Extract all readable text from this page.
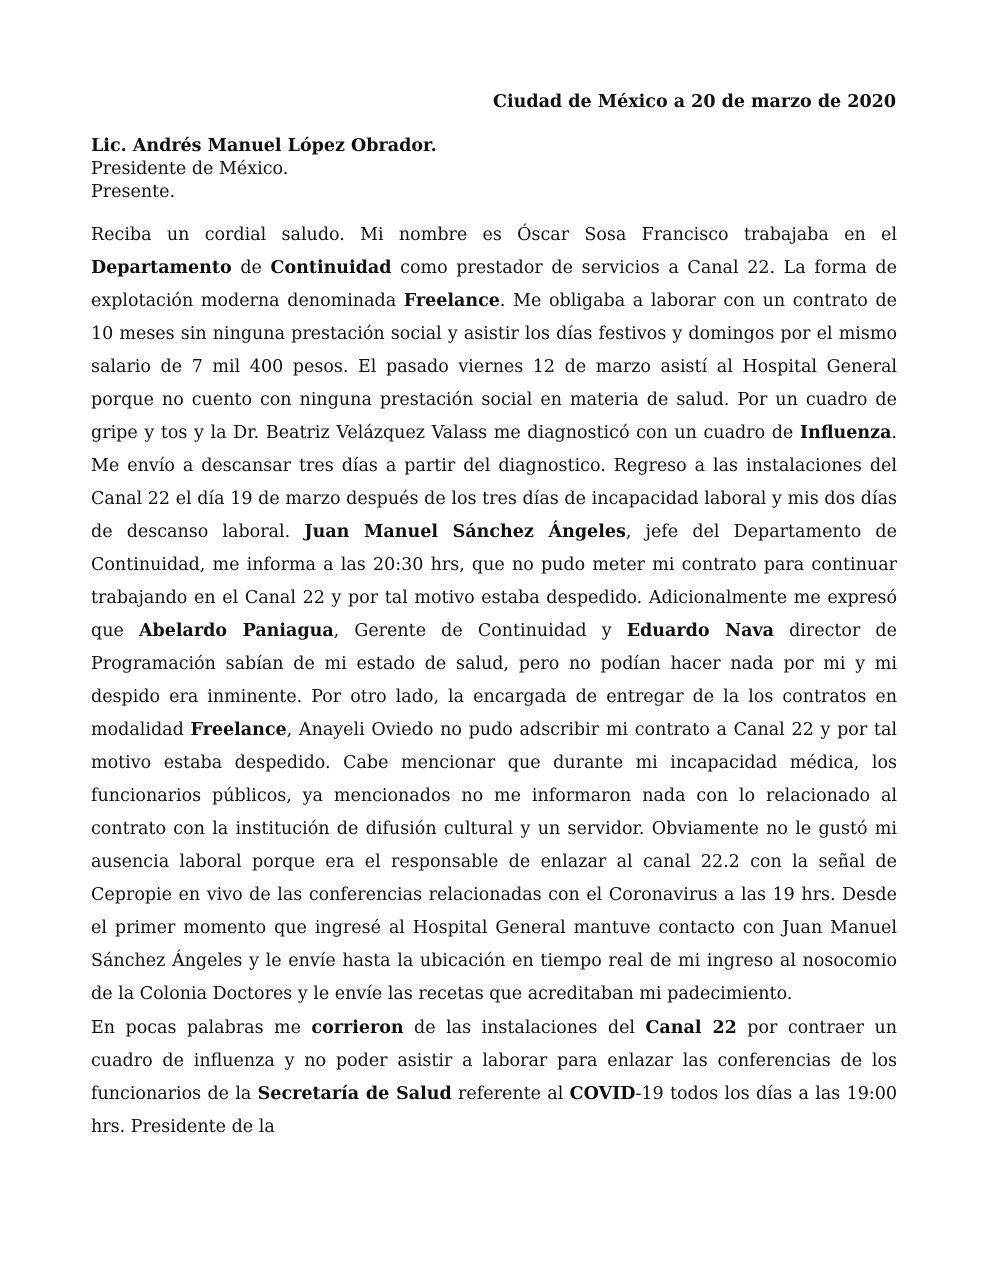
Ciudad de México a 20 de marzo de 2020
Lic. Andrés Manuel López Obrador.
Presidente de México.
Presente.

Reciba un cordial saludo. Mi nombre es Óscar Sosa Francisco trabajaba en el Departamento de Continuidad como prestador de servicios a Canal 22. La forma de explotación moderna denominada Freelance. Me obligaba a laborar con un contrato de 10 meses sin ninguna prestación social y asistir los días festivos y domingos por el mismo salario de 7 mil 400 pesos. El pasado viernes 12 de marzo asistí al Hospital General porque no cuento con ninguna prestación social en materia de salud. Por un cuadro de gripe y tos y la Dr. Beatriz Velázquez Valass me diagnosticó con un cuadro de Influenza. Me envío a descansar tres días a partir del diagnostico. Regreso a las instalaciones del Canal 22 el día 19 de marzo después de los tres días de incapacidad laboral y mis dos días de descanso laboral. Juan Manuel Sánchez Ángeles, jefe del Departamento de Continuidad, me informa a las 20:30 hrs, que no pudo meter mi contrato para continuar trabajando en el Canal 22 y por tal motivo estaba despedido. Adicionalmente me expresó que Abelardo Paniagua, Gerente de Continuidad y Eduardo Nava director de Programación sabían de mi estado de salud, pero no podían hacer nada por mi y mi despido era inminente. Por otro lado, la encargada de entregar de la los contratos en modalidad Freelance, Anayeli Oviedo no pudo adscribir mi contrato a Canal 22 y por tal motivo estaba despedido. Cabe mencionar que durante mi incapacidad médica, los funcionarios públicos, ya mencionados no me informaron nada con lo relacionado al contrato con la institución de difusión cultural y un servidor. Obviamente no le gustó mi ausencia laboral porque era el responsable de enlazar al canal 22.2 con la señal de Cepropie en vivo de las conferencias relacionadas con el Coronavirus a las 19 hrs. Desde el primer momento que ingresé al Hospital General mantuve contacto con Juan Manuel Sánchez Ángeles y le envíe hasta la ubicación en tiempo real de mi ingreso al nosocomio de la Colonia Doctores y le envíe las recetas que acreditaban mi padecimiento.

En pocas palabras me corrieron de las instalaciones del Canal 22 por contraer un cuadro de influenza y no poder asistir a laborar para enlazar las conferencias de los funcionarios de la Secretaría de Salud referente al COVID-19 todos los días a las 19:00 hrs. Presidente de la
